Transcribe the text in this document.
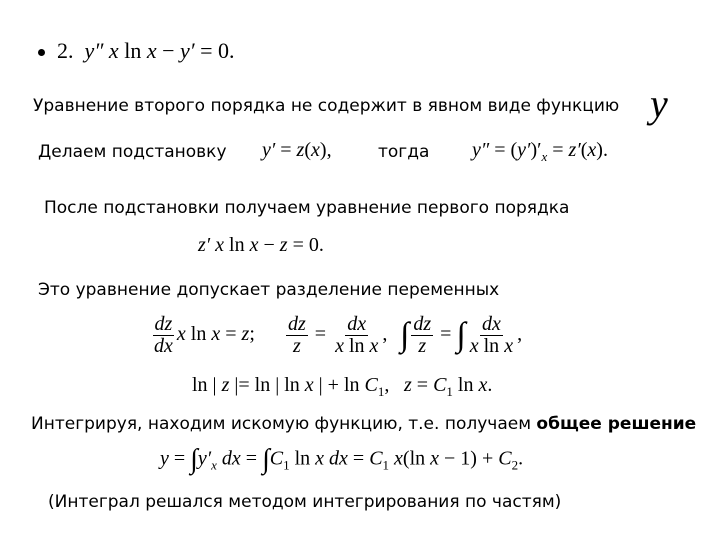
2. y″ x ln x − y′ = 0.
Уравнение второго порядка не содержит в явном виде функцию y
Делаем подстановку y′ = z(x),	тогда $y'' = (y')'_x = z'(x)$.
После подстановки получаем уравнение первого порядка
z′ x ln x − z = 0.
Это уравнение допускает разделение переменных
$\frac{dz}{dx}$ x ln x = z; $\frac{dz}{z} = \frac{dx}{\text{x ln x}}$ , ∫ $\frac{dz}{z}$ = ∫ $\frac{dx}{\text{x ln x}}$ ,
ln | z |= ln | ln x | + $\ln C_1$, $z = C_1$ ln x.
Интегрируя, находим искомую функцию, т.е. получаем общее решение
$y = \int y'_x$ dx = $\int C_1$ ln x dx = $C_1$ x(ln $x - 1) + C_2$.
(Интеграл решался методом интегрирования по частям)
